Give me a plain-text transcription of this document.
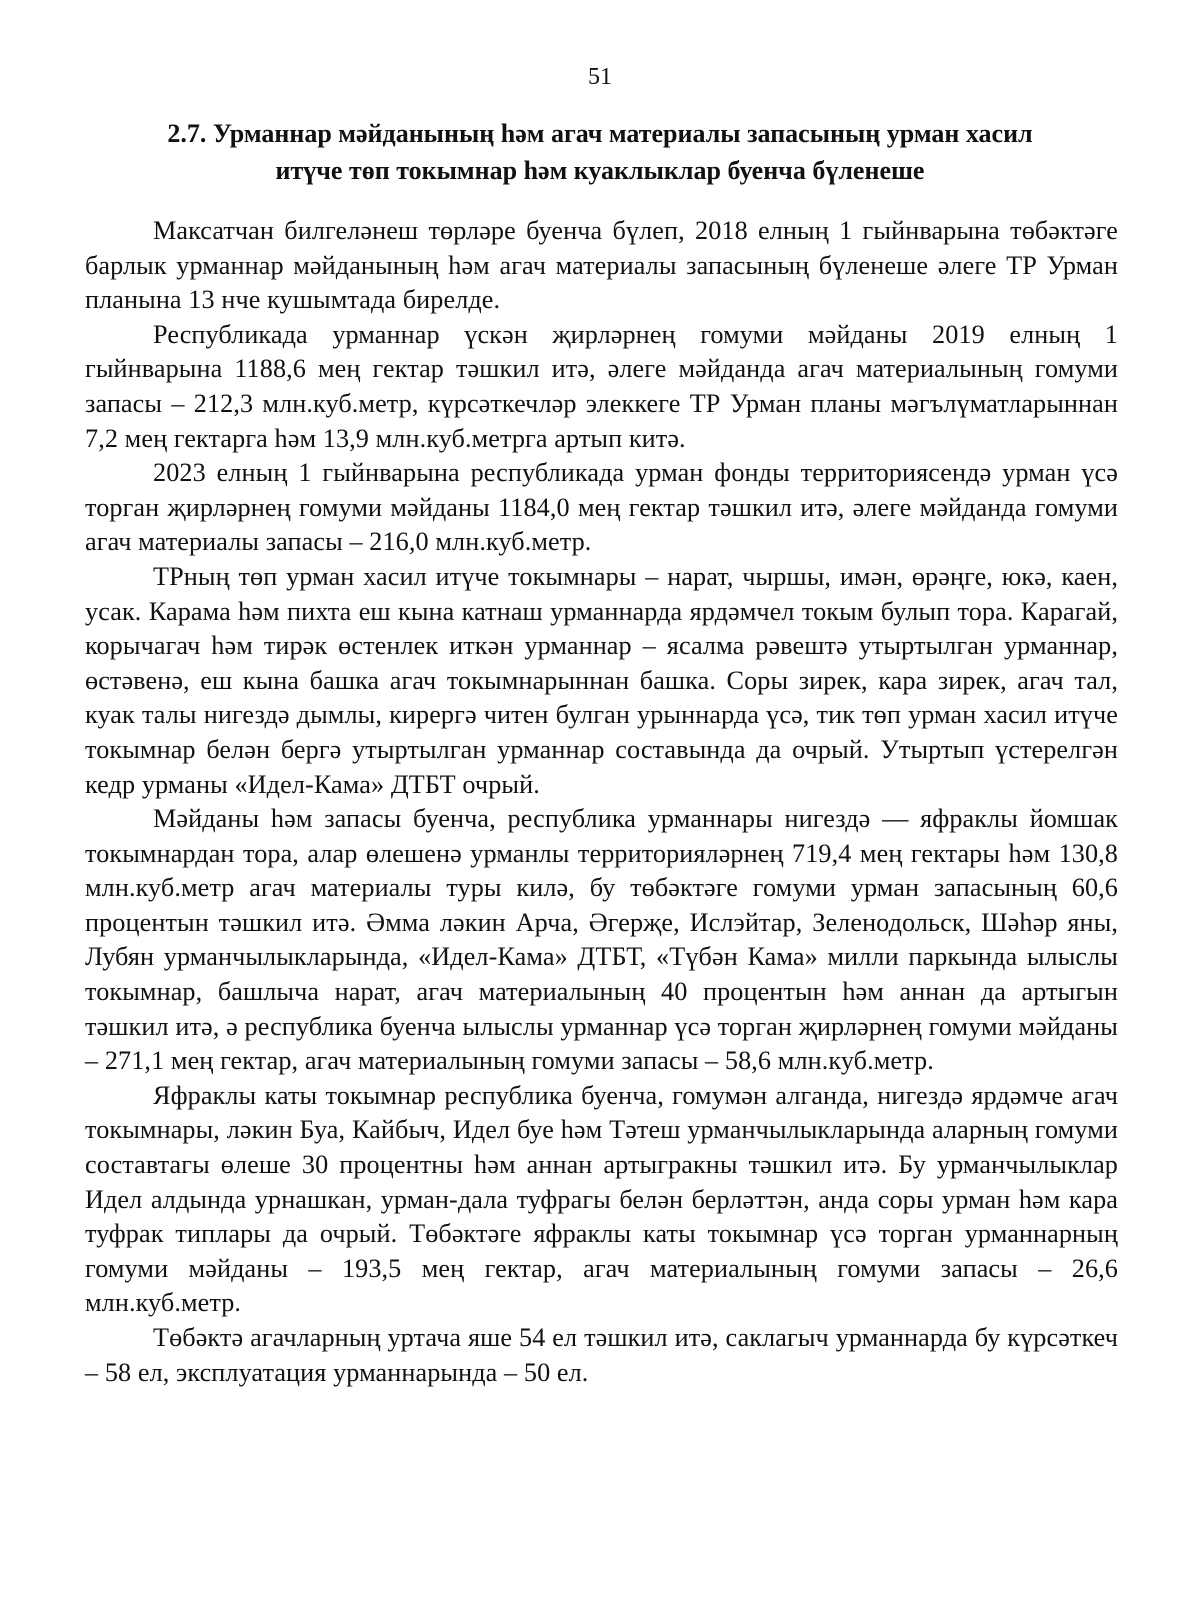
51
2.7. Урманнар мәйданының һәм агач материалы запасының урман хасил итүче төп токымнар һәм куаклыклар буенча бүленеше

Максатчан билгеләнеш төрләре буенча бүлеп, 2018 елның 1 гыйнварына төбәктәге барлык урманнар мәйданының һәм агач материалы запасының бүленеше әлеге ТР Урман планына 13 нче кушымтада бирелде.

Республикада урманнар үскән җирләрнең гомуми мәйданы 2019 елның 1 гыйнварына 1188,6 мең гектар тәшкил итә, әлеге мәйданда агач материалының гомуми запасы – 212,3 млн.куб.метр, күрсәткечләр элеккеге ТР Урман планы мәгълүматларыннан 7,2 мең гектарга һәм 13,9 млн.куб.метрга артып китә.

2023 елның 1 гыйнварына республикада урман фонды территориясендә урман үсә торган җирләрнең гомуми мәйданы 1184,0 мең гектар тәшкил итә, әлеге мәйданда гомуми агач материалы запасы – 216,0 млн.куб.метр.

ТРның төп урман хасил итүче токымнары – нарат, чыршы, имән, өрәңге, юкә, каен, усак. Карама һәм пихта еш кына катнаш урманнарда ярдәмчел токым булып тора. Карагай, корычагач һәм тирәк өстенлек иткән урманнар – ясалма рәвештә утыртылган урманнар, өстәвенә, еш кына башка агач токымнарыннан башка. Соры зирек, кара зирек, агач тал, куак талы нигездә дымлы, кирергә читен булган урыннарда үсә, тик төп урман хасил итүче токымнар белән бергә утыртылган урманнар составында да очрый. Утыртып үстерелгән кедр урманы «Идел-Кама» ДТБТ очрый.

Мәйданы һәм запасы буенча, республика урманнары нигездә — яфраклы йомшак токымнардан тора, алар өлешенә урманлы территорияләрнең 719,4 мең гектары һәм 130,8 млн.куб.метр агач материалы туры килә, бу төбәктәге гомуми урман запасының 60,6 процентын тәшкил итә. Әмма ләкин Арча, Әгерҗе, Ислэйтар, Зеленодольск, Шәһәр яны, Лубян урманчылыкларында, «Идел-Кама» ДТБТ, «Түбән Кама» милли паркында ылыслы токымнар, башлыча нарат, агач материалының 40 процентын һәм аннан да артыгын тәшкил итә, ә республика буенча ылыслы урманнар үсә торган җирләрнең гомуми мәйданы – 271,1 мең гектар, агач материалының гомуми запасы – 58,6 млн.куб.метр.

Яфраклы каты токымнар республика буенча, гомумән алганда, нигездә ярдәмче агач токымнары, ләкин Буа, Кайбыч, Идел буе һәм Тәтеш урманчылыкларында аларның гомуми составтагы өлеше 30 процентны һәм аннан артыгракны тәшкил итә. Бу урманчылыклар Идел алдында урнашкан, урман-дала туфрагы белән берләттән, анда соры урман һәм кара туфрак типлары да очрый. Төбәктәге яфраклы каты токымнар үсә торган урманнарның гомуми мәйданы – 193,5 мең гектар, агач материалының гомуми запасы – 26,6 млн.куб.метр.

Төбәктә агачларның уртача яше 54 ел тәшкил итә, саклагыч урманнарда бу күрсәткеч – 58 ел, эксплуатация урманнарында – 50 ел.
